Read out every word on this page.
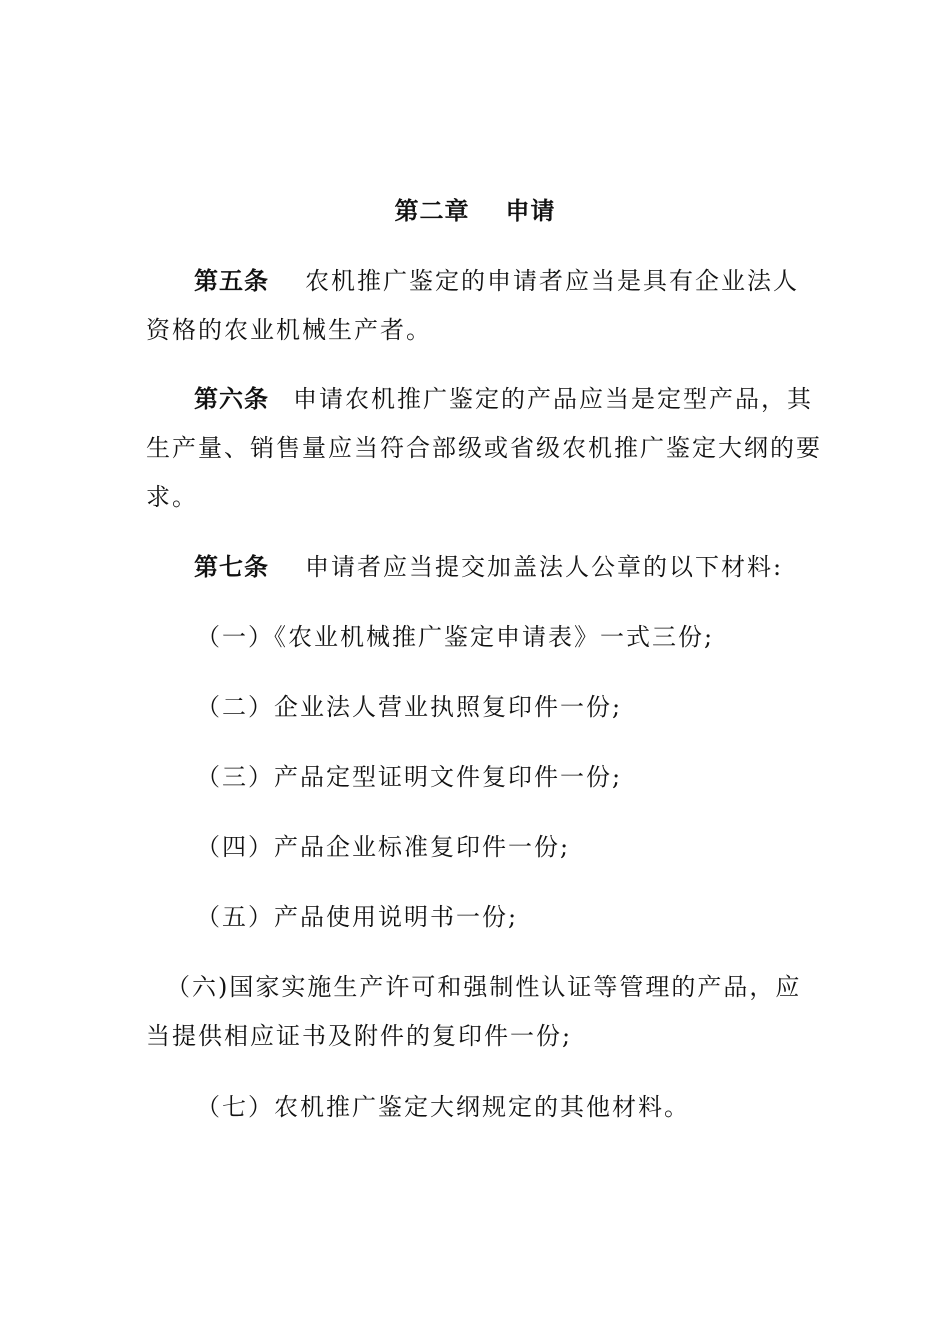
第二章 申请
第五条 农机推广鉴定的申请者应当是具有企业法人
资格的农业机械生产者。
第六条 申请农机推广鉴定的产品应当是定型产品，其
生产量、销售量应当符合部级或省级农机推广鉴定大纲的要
求。
第七条 申请者应当提交加盖法人公章的以下材料:
（一）《农业机械推广鉴定申请表》一式三份;
（二）企业法人营业执照复印件一份;
（三）产品定型证明文件复印件一份;
（四）产品企业标准复印件一份;
（五）产品使用说明书一份;
（六)国家实施生产许可和强制性认证等管理的产品，应
当提供相应证书及附件的复印件一份;
（七）农机推广鉴定大纲规定的其他材料。
